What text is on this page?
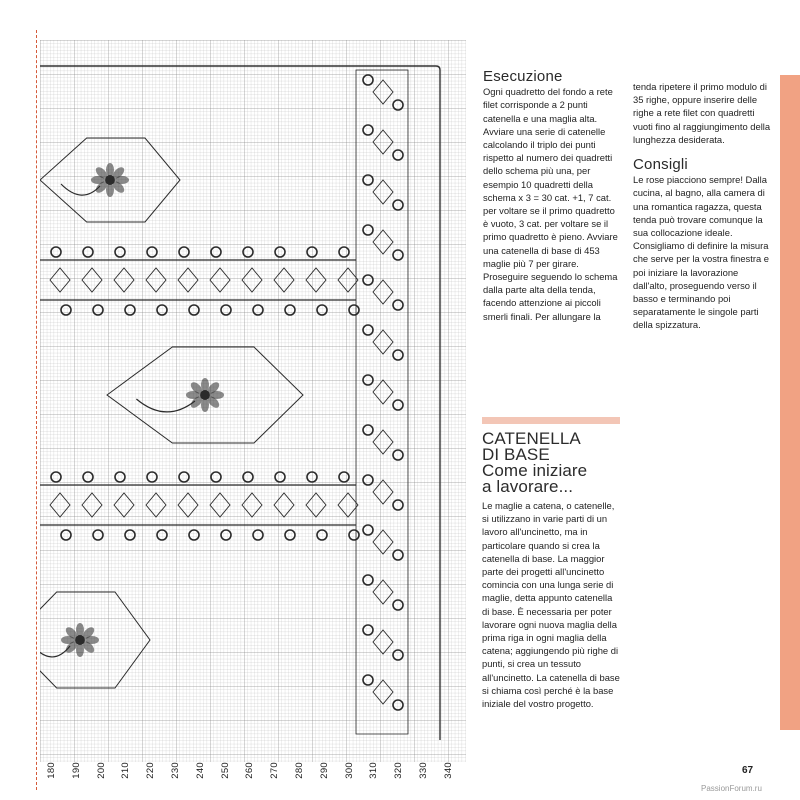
180 190 200 210 220 230 240 250 260 270 280 290 300 310 320 330 340
Esecuzione

Ogni quadretto del fondo a rete filet corrisponde a 2 punti catenella e una maglia alta. Avviare una serie di catenelle calcolando il triplo dei punti rispetto al numero dei quadretti dello schema più una, per esempio 10 quadretti della schema x 3 = 30 cat. +1, 7 cat. per voltare se il primo quadretto è vuoto, 3 cat. per voltare se il primo quadretto è pieno. Avviare una catenella di base di 453 maglie più 7 per girare. Proseguire seguendo lo schema dalla parte alta della tenda, facendo attenzione ai piccoli smerli finali. Per allungare la

tenda ripetere il primo modulo di 35 righe, oppure inserire delle righe a rete filet con quadretti vuoti fino al raggiungimento della lunghezza desiderata.

Consigli

Le rose piacciono sempre! Dalla cucina, al bagno, alla camera di una romantica ragazza, questa tenda può trovare comunque la sua collocazione ideale. Consigliamo di definire la misura che serve per la vostra finestra e poi iniziare la lavorazione dall'alto, proseguendo verso il basso e terminando poi separatamente le singole parti della spizzatura.

CATENELLA
DI BASE
Come iniziare
a lavorare...

Le maglie a catena, o catenelle, si utilizzano in varie parti di un lavoro all'uncinetto, ma in particolare quando si crea la catenella di base. La maggior parte dei progetti all'uncinetto comincia con una lunga serie di maglie, detta appunto catenella di base. È necessaria per poter lavorare ogni nuova maglia della prima riga in ogni maglia della catena; aggiungendo più righe di punti, si crea un tessuto all'uncinetto. La catenella di base si chiama così perché è la base iniziale del vostro progetto.

67
PassionForum.ru
